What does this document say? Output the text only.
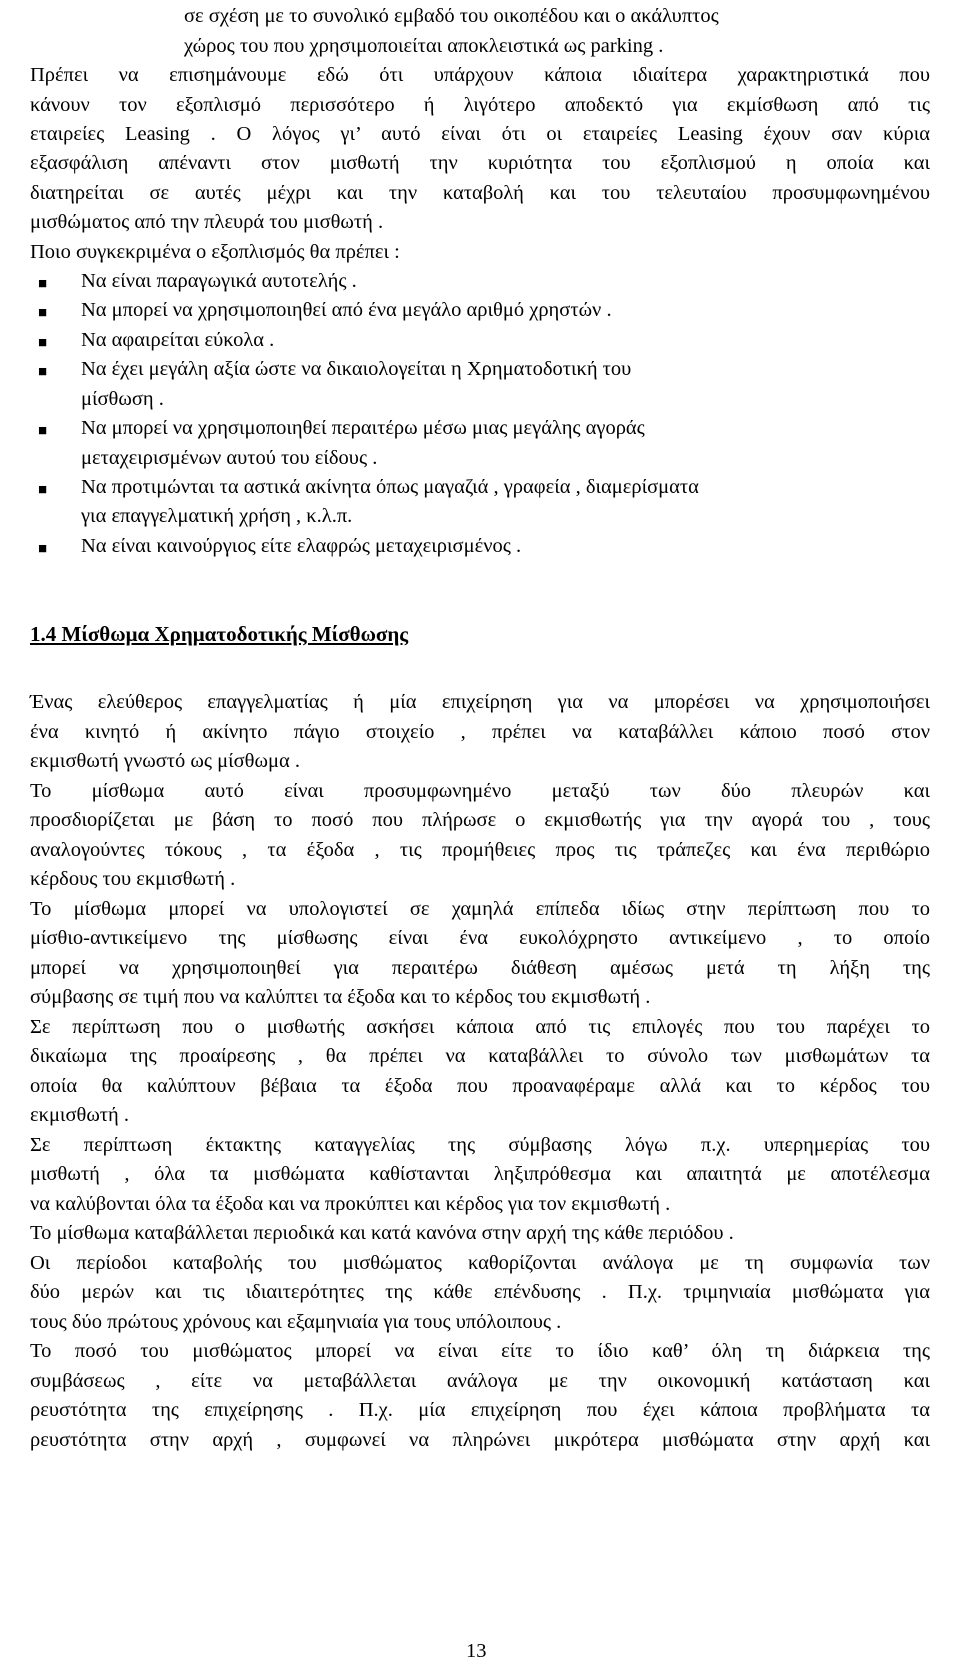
σε σχέση με το συνολικό εμβαδό του οικοπέδου και ο ακάλυπτος
χώρος του που χρησιμοποιείται αποκλειστικά ως parking .
Πρέπει να επισημάνουμε εδώ ότι υπάρχουν κάποια ιδιαίτερα χαρακτηριστικά που
κάνουν τον εξοπλισμό περισσότερο ή λιγότερο αποδεκτό για εκμίσθωση από τις
εταιρείες Leasing . Ο λόγος γι’ αυτό είναι ότι οι εταιρείες Leasing έχουν σαν κύρια
εξασφάλιση απέναντι στον μισθωτή την κυριότητα του εξοπλισμού η οποία και
διατηρείται σε αυτές μέχρι και την καταβολή και του τελευταίου προσυμφωνημένου
μισθώματος από την πλευρά του μισθωτή .
Ποιο συγκεκριμένα ο εξοπλισμός θα πρέπει :
■ Να είναι παραγωγικά αυτοτελής .
■ Να μπορεί να χρησιμοποιηθεί από ένα μεγάλο αριθμό χρηστών .
■ Να αφαιρείται εύκολα .
■ Να έχει μεγάλη αξία ώστε να δικαιολογείται η Χρηματοδοτική του
μίσθωση .
■ Να μπορεί να χρησιμοποιηθεί περαιτέρω μέσω μιας μεγάλης αγοράς
μεταχειρισμένων αυτού του είδους .
■ Να προτιμώνται τα αστικά ακίνητα όπως μαγαζιά , γραφεία , διαμερίσματα
για επαγγελματική χρήση , κ.λ.π.
■ Να είναι καινούργιος είτε ελαφρώς μεταχειρισμένος .
1.4 Μίσθωμα Χρηματοδοτικής Μίσθωσης
Ένας ελεύθερος επαγγελματίας ή μία επιχείρηση για να μπορέσει να χρησιμοποιήσει
ένα κινητό ή ακίνητο πάγιο στοιχείο , πρέπει να καταβάλλει κάποιο ποσό στον
εκμισθωτή γνωστό ως μίσθωμα .
Το μίσθωμα αυτό είναι προσυμφωνημένο μεταξύ των δύο πλευρών και
προσδιορίζεται με βάση το ποσό που πλήρωσε ο εκμισθωτής για την αγορά του , τους
αναλογούντες τόκους , τα έξοδα , τις προμήθειες προς τις τράπεζες και ένα περιθώριο
κέρδους του εκμισθωτή .
Το μίσθωμα μπορεί να υπολογιστεί σε χαμηλά επίπεδα ιδίως στην περίπτωση που το
μίσθιο-αντικείμενο της μίσθωσης είναι ένα ευκολόχρηστο αντικείμενο , το οποίο
μπορεί να χρησιμοποιηθεί για περαιτέρω διάθεση αμέσως μετά τη λήξη της
σύμβασης σε τιμή που να καλύπτει τα έξοδα και το κέρδος του εκμισθωτή .
Σε περίπτωση που ο μισθωτής ασκήσει κάποια από τις επιλογές που του παρέχει το
δικαίωμα της προαίρεσης , θα πρέπει να καταβάλλει το σύνολο των μισθωμάτων τα
οποία θα καλύπτουν βέβαια τα έξοδα που προαναφέραμε αλλά και το κέρδος του
εκμισθωτή .
Σε περίπτωση έκτακτης καταγγελίας της σύμβασης λόγω π.χ. υπερημερίας του
μισθωτή , όλα τα μισθώματα καθίστανται ληξιπρόθεσμα και απαιτητά με αποτέλεσμα
να καλύβονται όλα τα έξοδα και να προκύπτει και κέρδος για τον εκμισθωτή .
Το μίσθωμα καταβάλλεται περιοδικά και κατά κανόνα στην αρχή της κάθε περιόδου .
Οι περίοδοι καταβολής του μισθώματος καθορίζονται ανάλογα με τη συμφωνία των
δύο μερών και τις ιδιαιτερότητες της κάθε επένδυσης . Π.χ. τριμηνιαία μισθώματα για
τους δύο πρώτους χρόνους και εξαμηνιαία για τους υπόλοιπους .
Το ποσό του μισθώματος μπορεί να είναι είτε το ίδιο καθ’ όλη τη διάρκεια της
συμβάσεως , είτε να μεταβάλλεται ανάλογα με την οικονομική κατάσταση και
ρευστότητα της επιχείρησης . Π.χ. μία επιχείρηση που έχει κάποια προβλήματα τα
ρευστότητα στην αρχή , συμφωνεί να πληρώνει μικρότερα μισθώματα στην αρχή και
13
